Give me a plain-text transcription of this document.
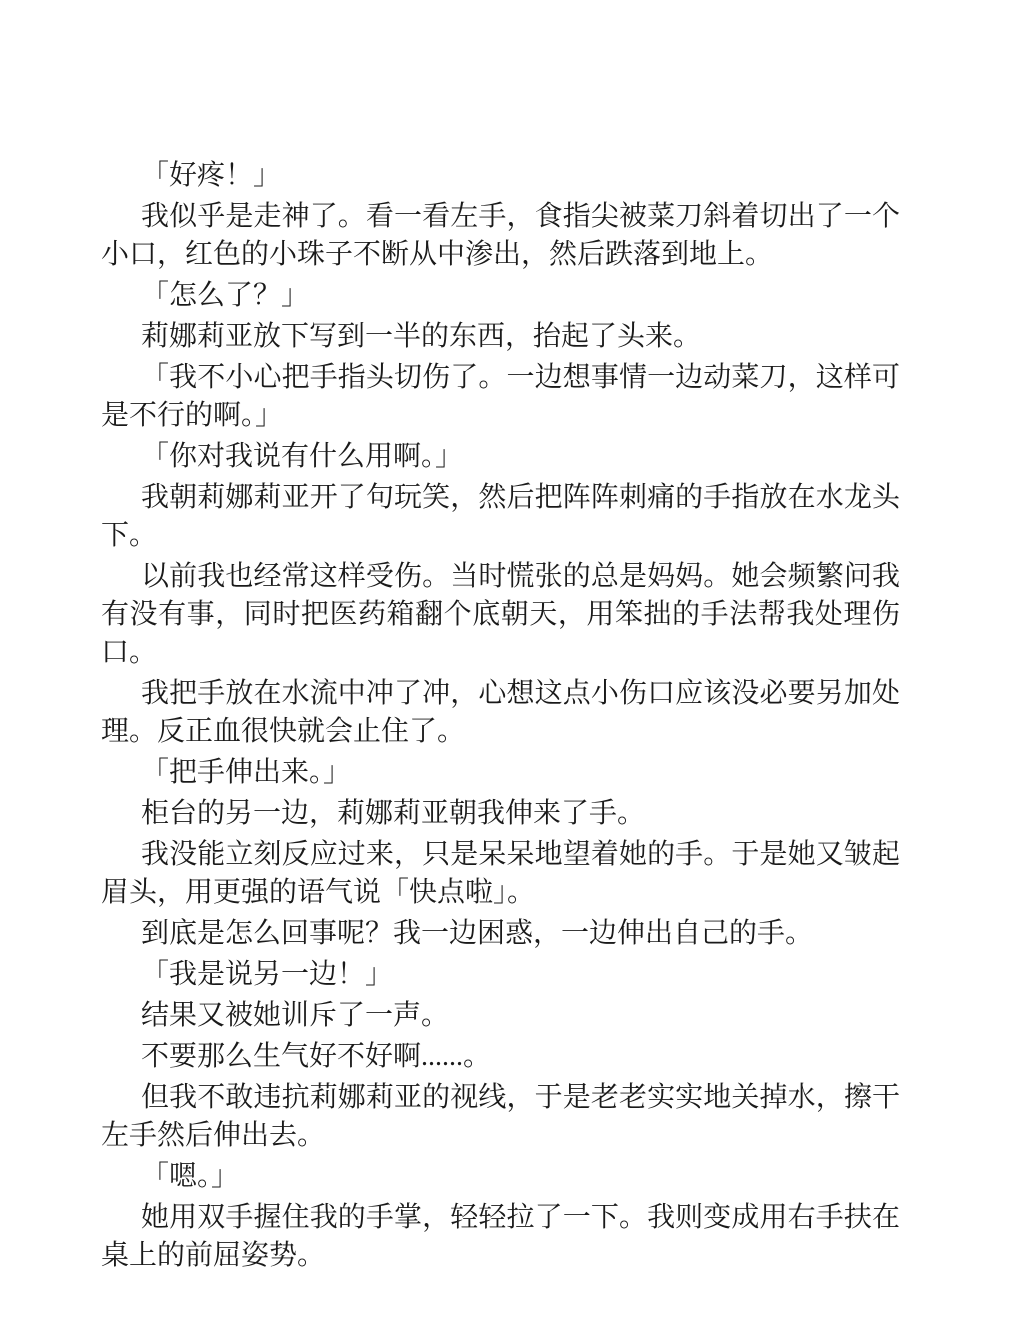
「好疼！」

我似乎是走神了。看一看左手，食指尖被菜刀斜着切出了一个小口，红色的小珠子不断从中渗出，然后跌落到地上。

「怎么了？」

莉娜莉亚放下写到一半的东西，抬起了头来。

「我不小心把手指头切伤了。一边想事情一边动菜刀，这样可是不行的啊。」

「你对我说有什么用啊。」

我朝莉娜莉亚开了句玩笑，然后把阵阵刺痛的手指放在水龙头下。

以前我也经常这样受伤。当时慌张的总是妈妈。她会频繁问我有没有事，同时把医药箱翻个底朝天，用笨拙的手法帮我处理伤口。

我把手放在水流中冲了冲，心想这点小伤口应该没必要另加处理。反正血很快就会止住了。

「把手伸出来。」

柜台的另一边，莉娜莉亚朝我伸来了手。

我没能立刻反应过来，只是呆呆地望着她的手。于是她又皱起眉头，用更强的语气说「快点啦」。

到底是怎么回事呢？我一边困惑，一边伸出自己的手。

「我是说另一边！」

结果又被她训斥了一声。

不要那么生气好不好啊......。

但我不敢违抗莉娜莉亚的视线，于是老老实实地关掉水，擦干左手然后伸出去。

「嗯。」

她用双手握住我的手掌，轻轻拉了一下。我则变成用右手扶在桌上的前屈姿势。
